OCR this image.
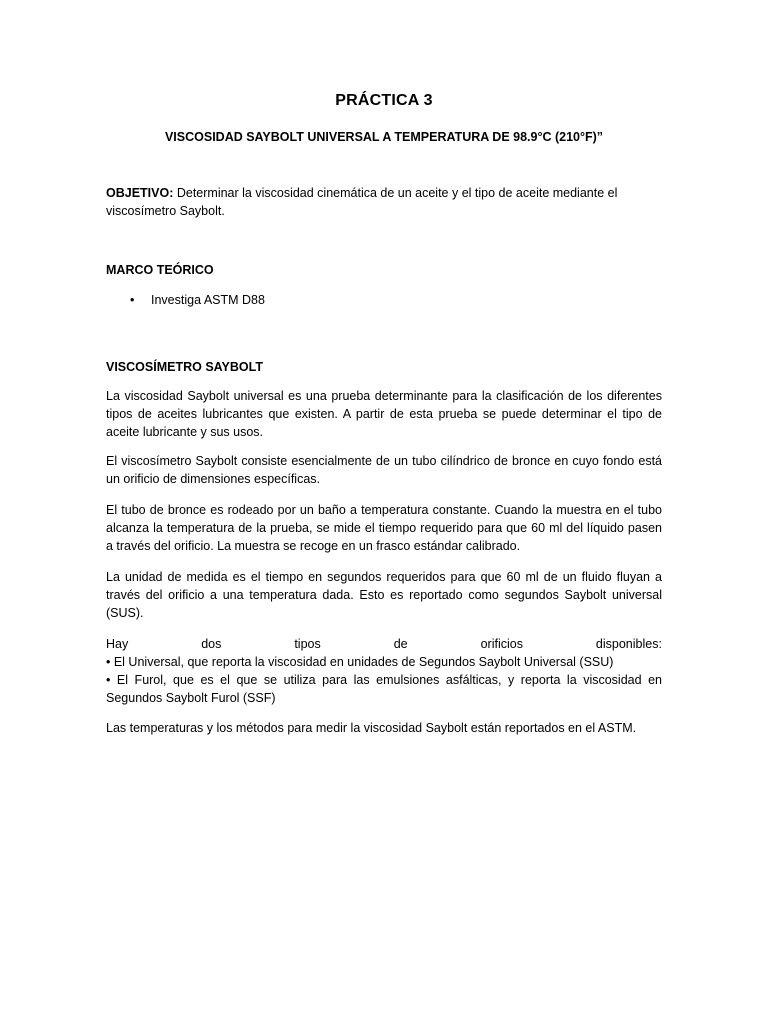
PRÁCTICA 3
VISCOSIDAD SAYBOLT UNIVERSAL A TEMPERATURA DE 98.9°C (210°F)”
OBJETIVO: Determinar la viscosidad cinemática de un aceite y el tipo de aceite mediante el viscosímetro Saybolt.
MARCO TEÓRICO
• Investiga ASTM D88
VISCOSÍMETRO SAYBOLT
La viscosidad Saybolt universal es una prueba determinante para la clasificación de los diferentes tipos de aceites lubricantes que existen. A partir de esta prueba se puede determinar el tipo de aceite lubricante y sus usos.
El viscosímetro Saybolt consiste esencialmente de un tubo cilíndrico de bronce en cuyo fondo está un orificio de dimensiones específicas.
El tubo de bronce es rodeado por un baño a temperatura constante. Cuando la muestra en el tubo alcanza la temperatura de la prueba, se mide el tiempo requerido para que 60 ml del líquido pasen a través del orificio. La muestra se recoge en un frasco estándar calibrado.
La unidad de medida es el tiempo en segundos requeridos para que 60 ml de un fluido fluyan a través del orificio a una temperatura dada. Esto es reportado como segundos Saybolt universal (SUS).
Hay	dos	tipos	de	orificios	disponibles:
• El Universal, que reporta la viscosidad en unidades de Segundos Saybolt Universal (SSU)
• El Furol, que es el que se utiliza para las emulsiones asfálticas, y reporta la viscosidad en Segundos Saybolt Furol (SSF)
Las temperaturas y los métodos para medir la viscosidad Saybolt están reportados en el ASTM.
